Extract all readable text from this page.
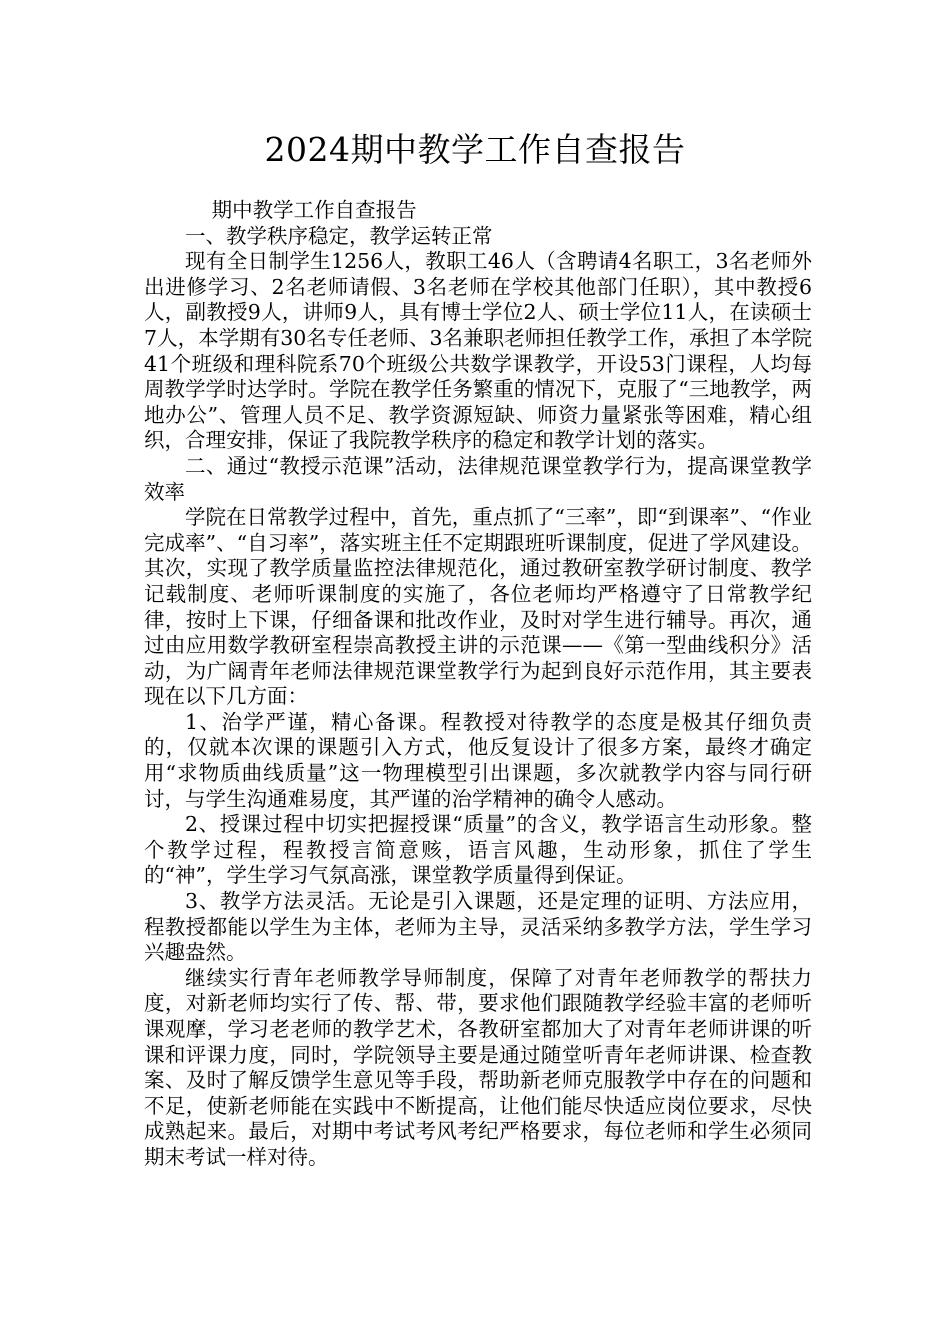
2024期中教学工作自查报告

期中教学工作自查报告

一、教学秩序稳定，教学运转正常

现有全日制学生1256人，教职工46人（含聘请4名职工，3名老师外出进修学习、2名老师请假、3名老师在学校其他部门任职），其中教授6人，副教授9人，讲师9人，具有博士学位2人、硕士学位11人，在读硕士7人，本学期有30名专任老师、3名兼职老师担任教学工作，承担了本学院41个班级和理科院系70个班级公共数学课教学，开设53门课程，人均每周教学学时达学时。学院在教学任务繁重的情况下，克服了“三地教学，两地办公”、管理人员不足、教学资源短缺、师资力量紧张等困难，精心组织，合理安排，保证了我院教学秩序的稳定和教学计划的落实。

二、通过“教授示范课”活动，法律规范课堂教学行为，提高课堂教学效率

学院在日常教学过程中，首先，重点抓了“三率”，即“到课率”、“作业完成率”、“自习率”，落实班主任不定期跟班听课制度，促进了学风建设。其次，实现了教学质量监控法律规范化，通过教研室教学研讨制度、教学记载制度、老师听课制度的实施了，各位老师均严格遵守了日常教学纪律，按时上下课，仔细备课和批改作业，及时对学生进行辅导。再次，通过由应用数学教研室程崇高教授主讲的示范课——《第一型曲线积分》活动，为广阔青年老师法律规范课堂教学行为起到良好示范作用，其主要表现在以下几方面：

1、治学严谨，精心备课。程教授对待教学的态度是极其仔细负责的，仅就本次课的课题引入方式，他反复设计了很多方案，最终才确定用“求物质曲线质量”这一物理模型引出课题，多次就教学内容与同行研讨，与学生沟通难易度，其严谨的治学精神的确令人感动。

2、授课过程中切实把握授课“质量”的含义，教学语言生动形象。整个教学过程，程教授言简意赅，语言风趣，生动形象，抓住了学生的“神”，学生学习气氛高涨，课堂教学质量得到保证。

3、教学方法灵活。无论是引入课题，还是定理的证明、方法应用，程教授都能以学生为主体，老师为主导，灵活采纳多教学方法，学生学习兴趣盎然。

继续实行青年老师教学导师制度，保障了对青年老师教学的帮扶力度，对新老师均实行了传、帮、带，要求他们跟随教学经验丰富的老师听课观摩，学习老老师的教学艺术，各教研室都加大了对青年老师讲课的听课和评课力度，同时，学院领导主要是通过随堂听青年老师讲课、检查教案、及时了解反馈学生意见等手段，帮助新老师克服教学中存在的问题和不足，使新老师能在实践中不断提高，让他们能尽快适应岗位要求，尽快成熟起来。最后，对期中考试考风考纪严格要求，每位老师和学生必须同期末考试一样对待。
